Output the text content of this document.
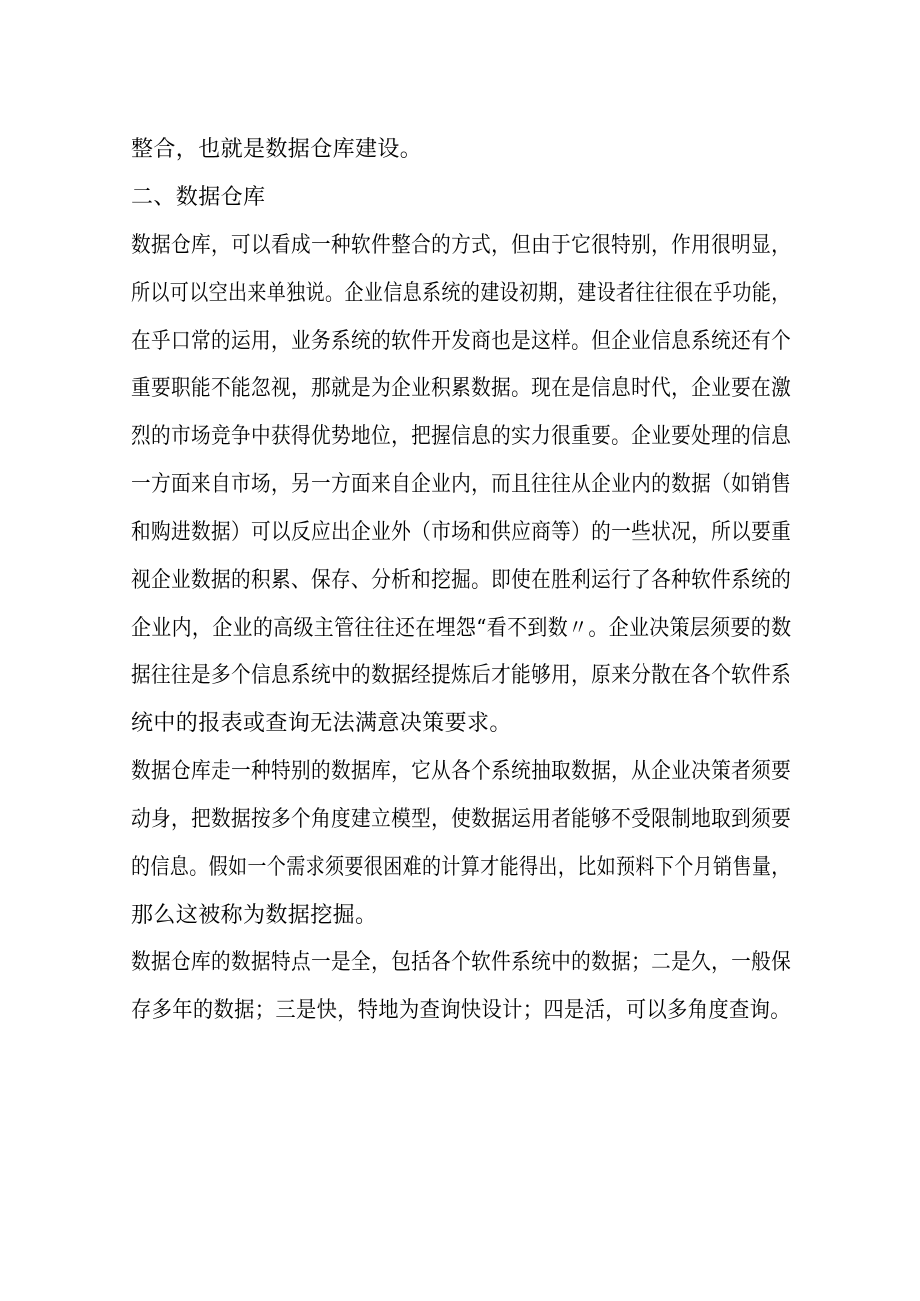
整合，也就是数据仓库建设。
二、数据仓库
数据仓库，可以看成一种软件整合的方式，但由于它很特别，作用很明显，
所以可以空出来单独说。企业信息系统的建设初期，建设者往往很在乎功能，
在乎口常的运用，业务系统的软件开发商也是这样。但企业信息系统还有个
重要职能不能忽视，那就是为企业积累数据。现在是信息时代，企业要在激
烈的市场竞争中获得优势地位，把握信息的实力很重要。企业要处理的信息
一方面来自市场，另一方面来自企业内，而且往往从企业内的数据（如销售
和购进数据）可以反应出企业外（市场和供应商等）的一些状况，所以要重
视企业数据的积累、保存、分析和挖掘。即使在胜利运行了各种软件系统的
企业内，企业的高级主管往往还在埋怨“看不到数〃。企业决策层须要的数
据往往是多个信息系统中的数据经提炼后才能够用，原来分散在各个软件系
统中的报表或查询无法满意决策要求。
数据仓库走一种特别的数据库，它从各个系统抽取数据，从企业决策者须要
动身，把数据按多个角度建立模型，使数据运用者能够不受限制地取到须要
的信息。假如一个需求须要很困难的计算才能得出，比如预料下个月销售量，
那么这被称为数据挖掘。
数据仓库的数据特点一是全，包括各个软件系统中的数据；二是久，一般保
存多年的数据；三是快，特地为查询快设计；四是活，可以多角度查询。
